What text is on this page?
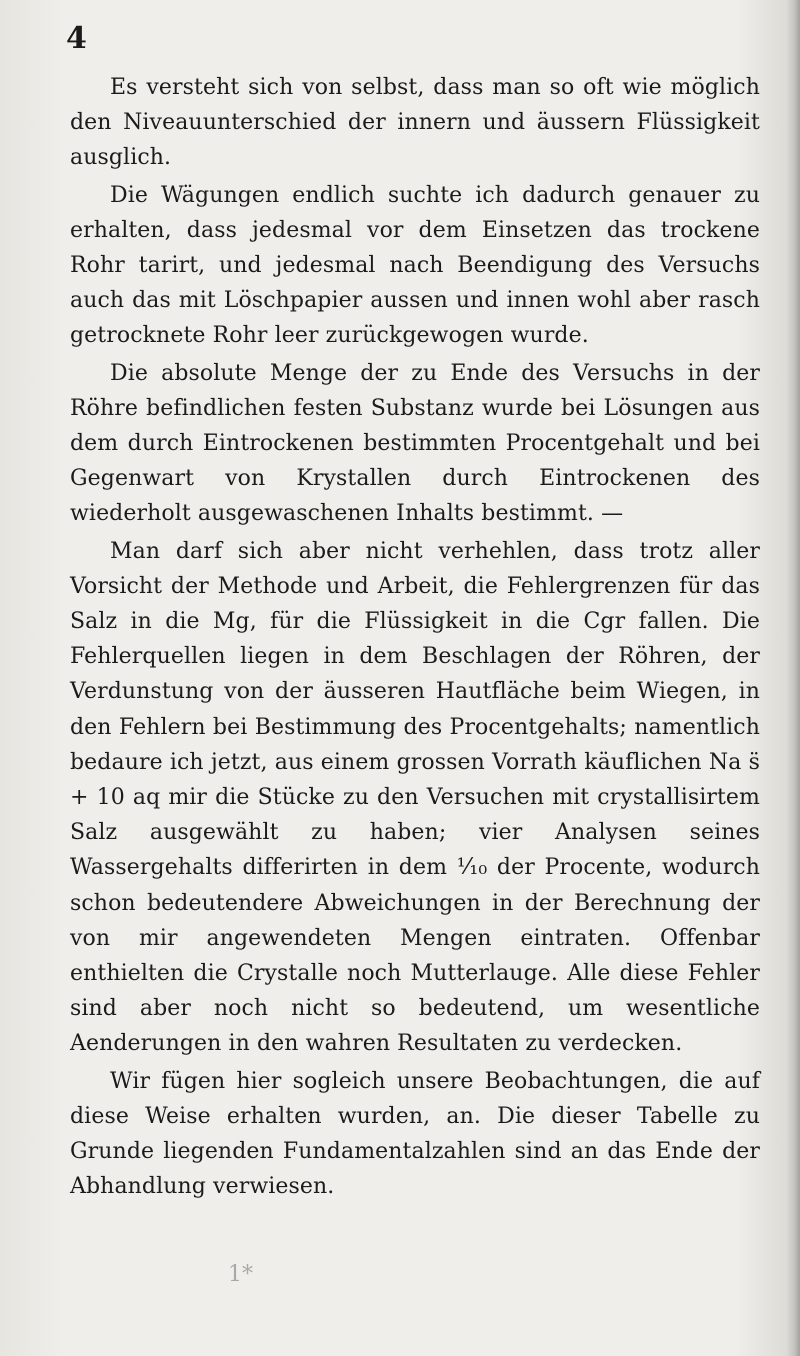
4

Es versteht sich von selbst, dass man so oft wie möglich den Niveauunterschied der innern und äussern Flüssigkeit ausglich.

Die Wägungen endlich suchte ich dadurch genauer zu erhalten, dass jedesmal vor dem Einsetzen das trockene Rohr tarirt, und jedesmal nach Beendigung des Versuchs auch das mit Löschpapier aussen und innen wohl aber rasch getrocknete Rohr leer zurückgewogen wurde.

Die absolute Menge der zu Ende des Versuchs in der Röhre befindlichen festen Substanz wurde bei Lösungen aus dem durch Eintrockenen bestimmten Procentgehalt und bei Gegenwart von Krystallen durch Eintrockenen des wiederholt ausgewaschenen Inhalts bestimmt. —

Man darf sich aber nicht verhehlen, dass trotz aller Vorsicht der Methode und Arbeit, die Fehlergrenzen für das Salz in die Mg, für die Flüssigkeit in die Cgr fallen. Die Fehlerquellen liegen in dem Beschlagen der Röhren, der Verdunstung von der äusseren Hautfläche beim Wiegen, in den Fehlern bei Bestimmung des Procentgehalts; namentlich bedaure ich jetzt, aus einem grossen Vorrath käuflichen Na s̈ + 10 aq mir die Stücke zu den Versuchen mit crystallisirtem Salz ausgewählt zu haben; vier Analysen seines Wassergehalts differirten in dem ¹⁄₁₀ der Procente, wodurch schon bedeutendere Abweichungen in der Berechnung der von mir angewendeten Mengen eintraten. Offenbar enthielten die Crystalle noch Mutterlauge. Alle diese Fehler sind aber noch nicht so bedeutend, um wesentliche Aenderungen in den wahren Resultaten zu verdecken.

Wir fügen hier sogleich unsere Beobachtungen, die auf diese Weise erhalten wurden, an. Die dieser Tabelle zu Grunde liegenden Fundamentalzahlen sind an das Ende der Abhandlung verwiesen.

1*
